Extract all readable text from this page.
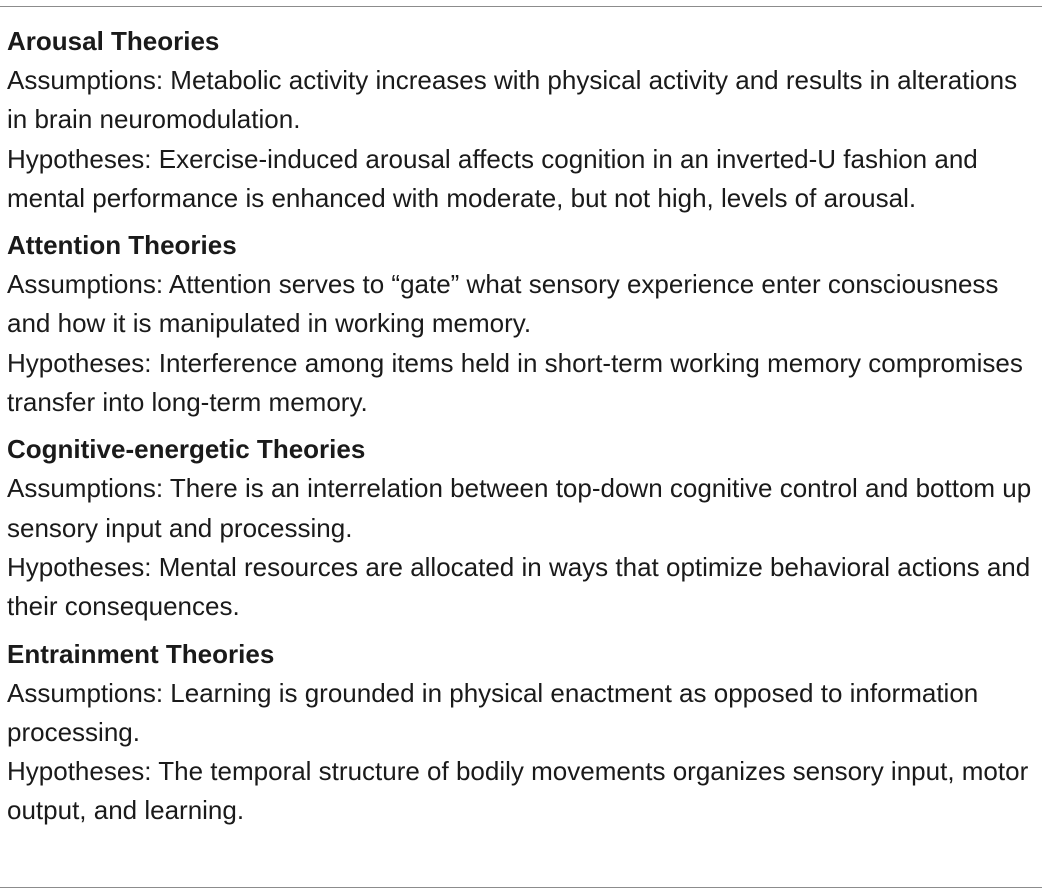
Arousal Theories

Assumptions: Metabolic activity increases with physical activity and results in alterations in brain neuromodulation.

Hypotheses: Exercise-induced arousal affects cognition in an inverted-U fashion and mental performance is enhanced with moderate, but not high, levels of arousal.

Attention Theories

Assumptions: Attention serves to “gate” what sensory experience enter consciousness and how it is manipulated in working memory.

Hypotheses: Interference among items held in short-term working memory compromises transfer into long-term memory.

Cognitive-energetic Theories

Assumptions: There is an interrelation between top-down cognitive control and bottom up sensory input and processing.

Hypotheses: Mental resources are allocated in ways that optimize behavioral actions and their consequences.

Entrainment Theories

Assumptions: Learning is grounded in physical enactment as opposed to information processing.

Hypotheses: The temporal structure of bodily movements organizes sensory input, motor output, and learning.
